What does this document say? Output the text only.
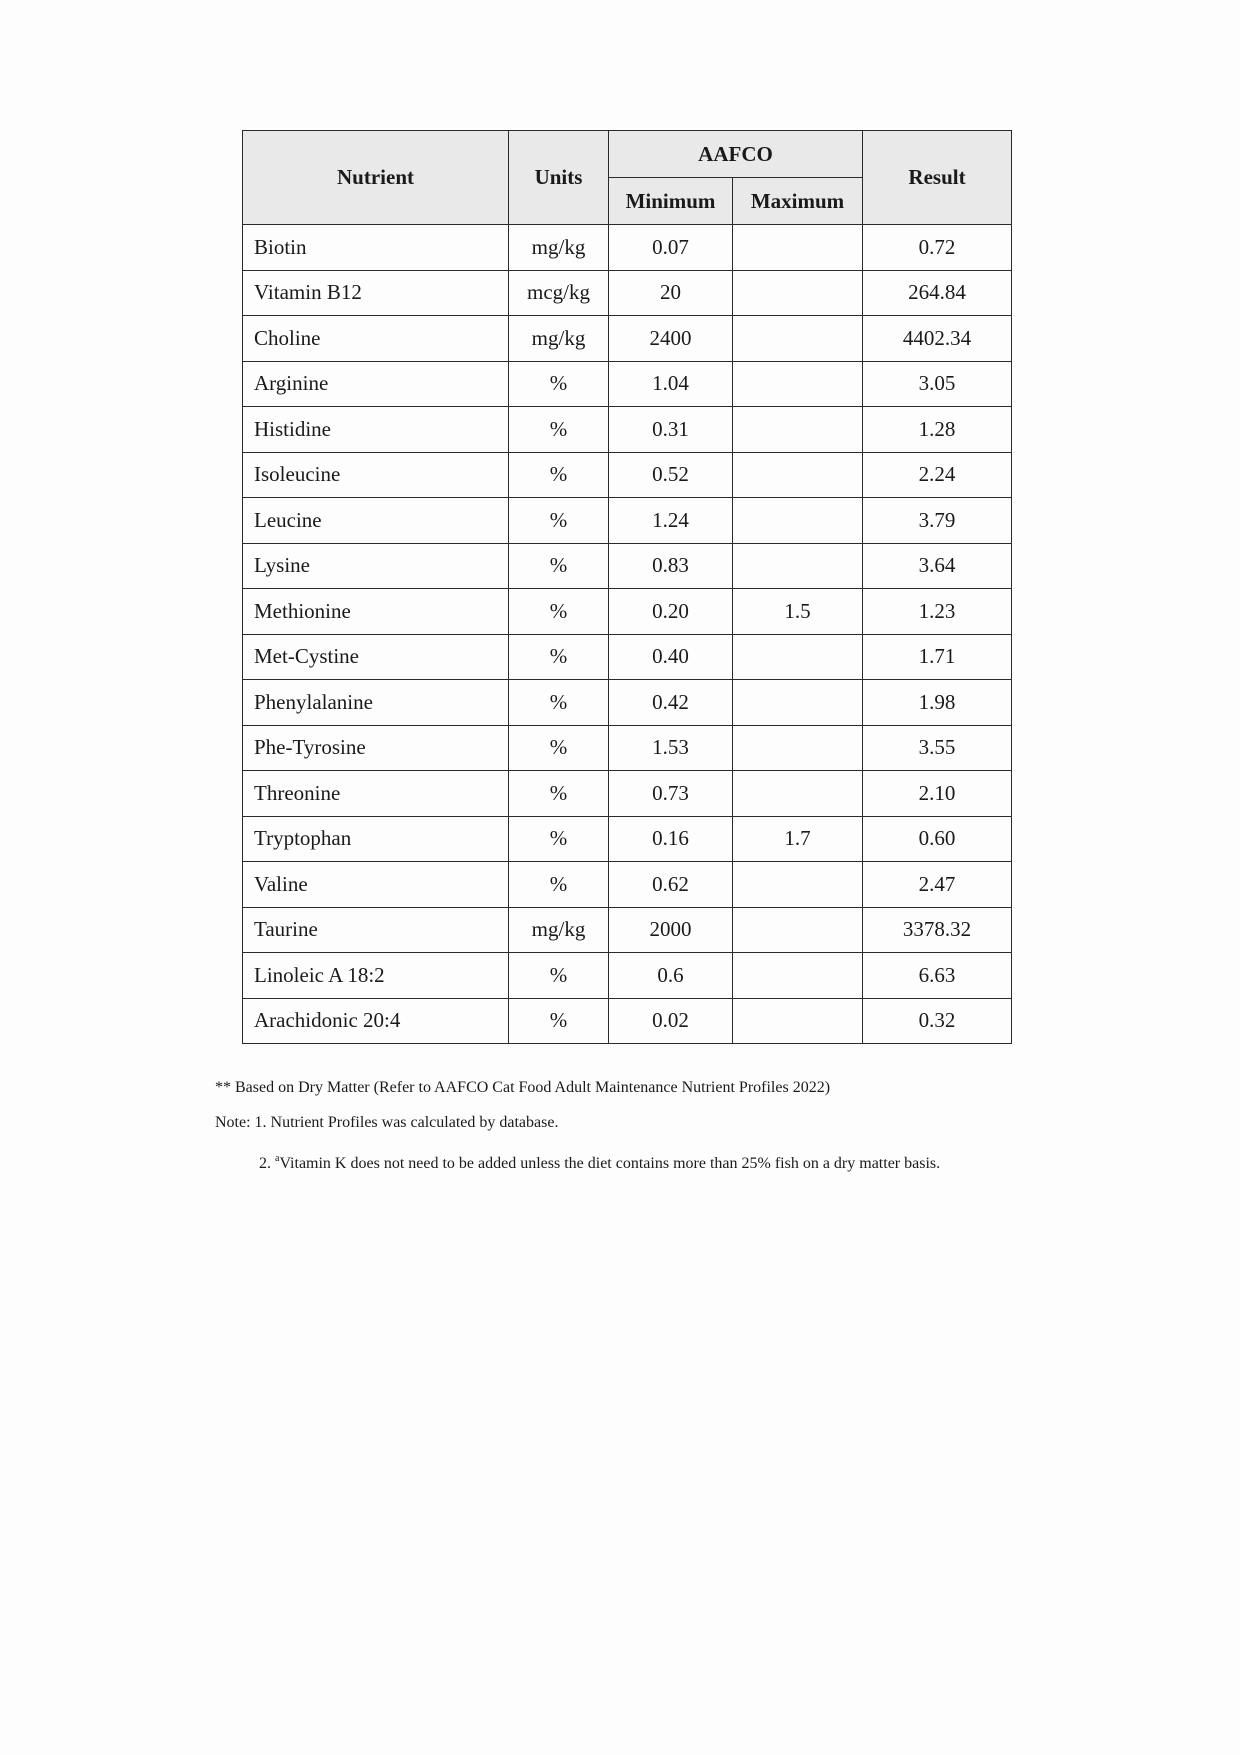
Nutrient	Units	AAFCO		Result
		Minimum	Maximum	
Biotin	mg/kg	0.07		0.72
Vitamin B12	mcg/kg	20		264.84
Choline	mg/kg	2400		4402.34
Arginine	%	1.04		3.05
Histidine	%	0.31		1.28
Isoleucine	%	0.52		2.24
Leucine	%	1.24		3.79
Lysine	%	0.83		3.64
Methionine	%	0.20	1.5	1.23
Met-Cystine	%	0.40		1.71
Phenylalanine	%	0.42		1.98
Phe-Tyrosine	%	1.53		3.55
Threonine	%	0.73		2.10
Tryptophan	%	0.16	1.7	0.60
Valine	%	0.62		2.47
Taurine	mg/kg	2000		3378.32
Linoleic A 18:2	%	0.6		6.63
Arachidonic 20:4	%	0.02		0.32

** Based on Dry Matter (Refer to AAFCO Cat Food Adult Maintenance Nutrient Profiles 2022)

Note: 1. Nutrient Profiles was calculated by database.

2. $^a$Vitamin K does not need to be added unless the diet contains more than 25% fish on a dry matter basis.
